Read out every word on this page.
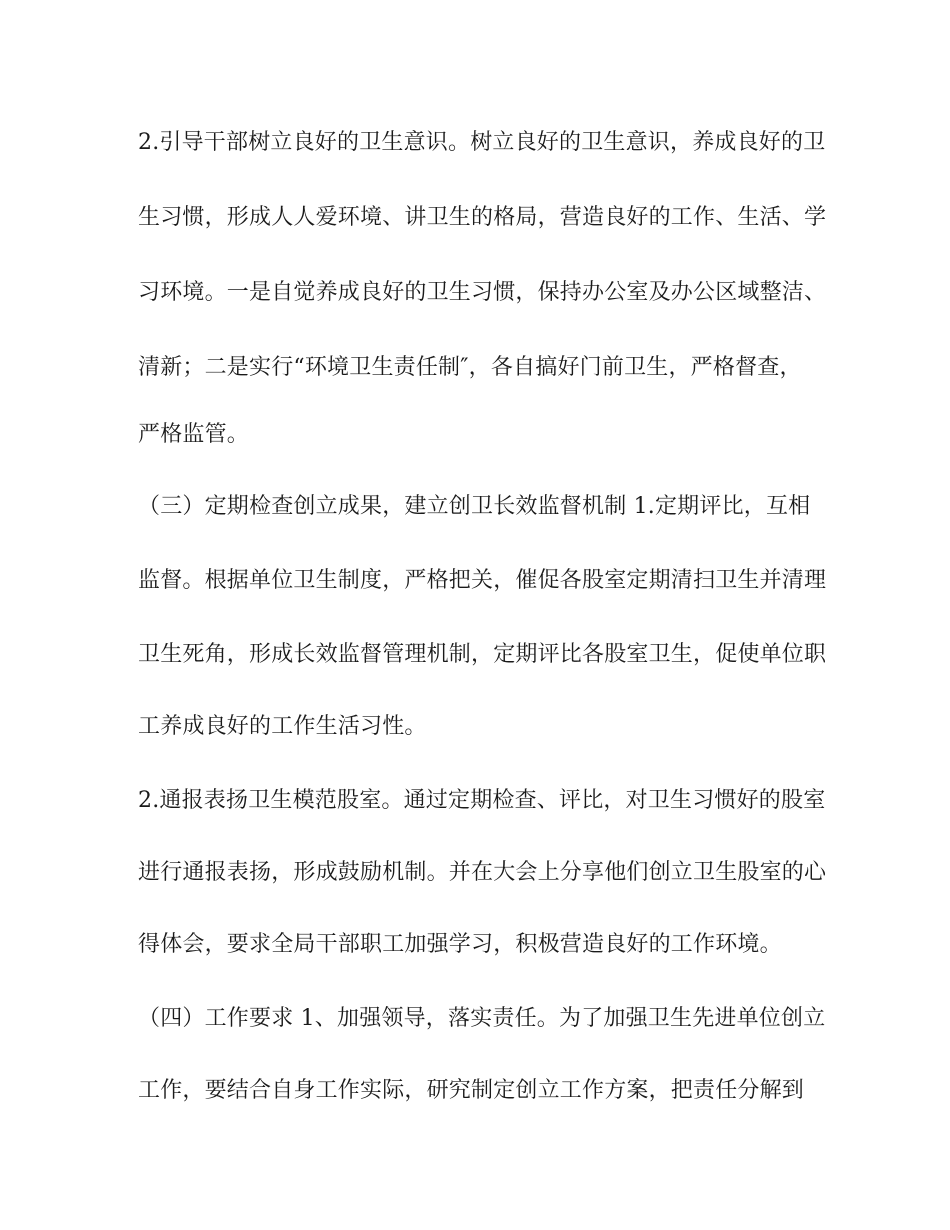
2.引导干部树立良好的卫生意识。树立良好的卫生意识，养成良好的卫
生习惯，形成人人爱环境、讲卫生的格局，营造良好的工作、生活、学
习环境。一是自觉养成良好的卫生习惯，保持办公室及办公区域整洁、
清新；二是实行“环境卫生责任制″，各自搞好门前卫生，严格督查，
严格监管。
（三）定期检查创立成果，建立创卫长效监督机制 1.定期评比，互相
监督。根据单位卫生制度，严格把关，催促各股室定期清扫卫生并清理
卫生死角，形成长效监督管理机制，定期评比各股室卫生，促使单位职
工养成良好的工作生活习性。
2.通报表扬卫生模范股室。通过定期检查、评比，对卫生习惯好的股室
进行通报表扬，形成鼓励机制。并在大会上分享他们创立卫生股室的心
得体会，要求全局干部职工加强学习，积极营造良好的工作环境。
（四）工作要求 1、加强领导，落实责任。为了加强卫生先进单位创立
工作，要结合自身工作实际，研究制定创立工作方案，把责任分解到
